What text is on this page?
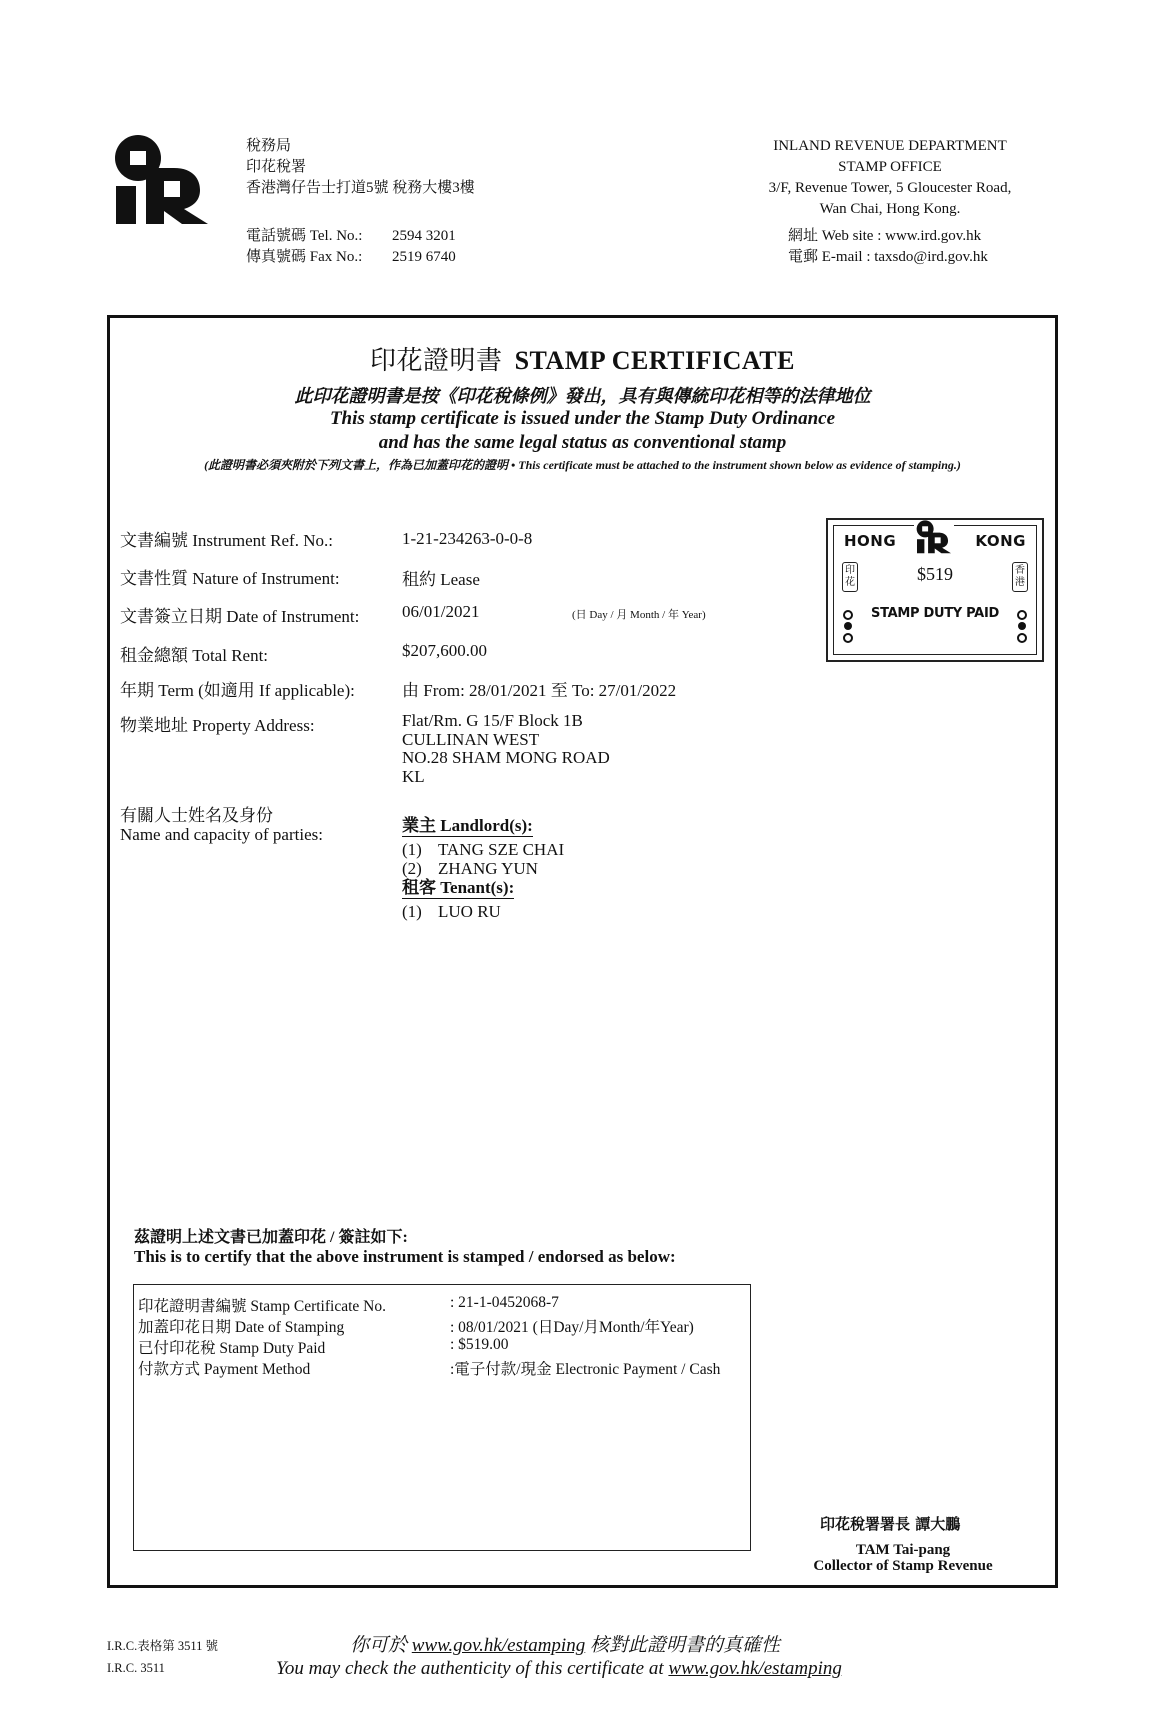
稅務局
印花稅署
香港灣仔告士打道5號 稅務大樓3樓
電話號碼 Tel. No.:	2594 3201
傳真號碼 Fax No.:	2519 6740
INLAND REVENUE DEPARTMENT
STAMP OFFICE
3/F, Revenue Tower, 5 Gloucester Road,
Wan Chai, Hong Kong.
網址 Web site : www.ird.gov.hk
電郵 E-mail : taxsdo@ird.gov.hk
印花證明書 STAMP CERTIFICATE
此印花證明書是按《印花稅條例》發出，具有與傳統印花相等的法律地位
This stamp certificate is issued under the Stamp Duty Ordinance
and has the same legal status as conventional stamp
(此證明書必須夾附於下列文書上，作為已加蓋印花的證明 • This certificate must be attached to the instrument shown below as evidence of stamping.)
文書編號 Instrument Ref. No.:	1-21-234263-0-0-8
文書性質 Nature of Instrument:	租約 Lease
文書簽立日期 Date of Instrument:	06/01/2021	(日 Day / 月 Month / 年 Year)
租金總額 Total Rent:	$207,600.00
年期 Term (如適用 If applicable):	由 From: 28/01/2021 至 To: 27/01/2022
物業地址 Property Address:	Flat/Rm. G 15/F Block 1B
CULLINAN WEST
NO.28 SHAM MONG ROAD
KL
有關人士姓名及身份
Name and capacity of parties:	業主 Landlord(s):
(1) TANG SZE CHAI
(2) ZHANG YUN
租客 Tenant(s):
(1) LUO RU
HONG	KONG
印花
香港
$519
STAMP DUTY PAID
茲證明上述文書已加蓋印花 / 簽註如下:
This is to certify that the above instrument is stamped / endorsed as below:
印花證明書編號 Stamp Certificate No.	: 21-1-0452068-7
加蓋印花日期 Date of Stamping	: 08/01/2021 (日Day/月Month/年Year)
已付印花稅 Stamp Duty Paid	: $519.00
付款方式 Payment Method	:電子付款/現金 Electronic Payment / Cash
印花稅署署長 譚大鵬
TAM Tai-pang
Collector of Stamp Revenue
I.R.C.表格第 3511 號
I.R.C. 3511
你可於 www.gov.hk/estamping 核對此證明書的真確性
You may check the authenticity of this certificate at www.gov.hk/estamping
